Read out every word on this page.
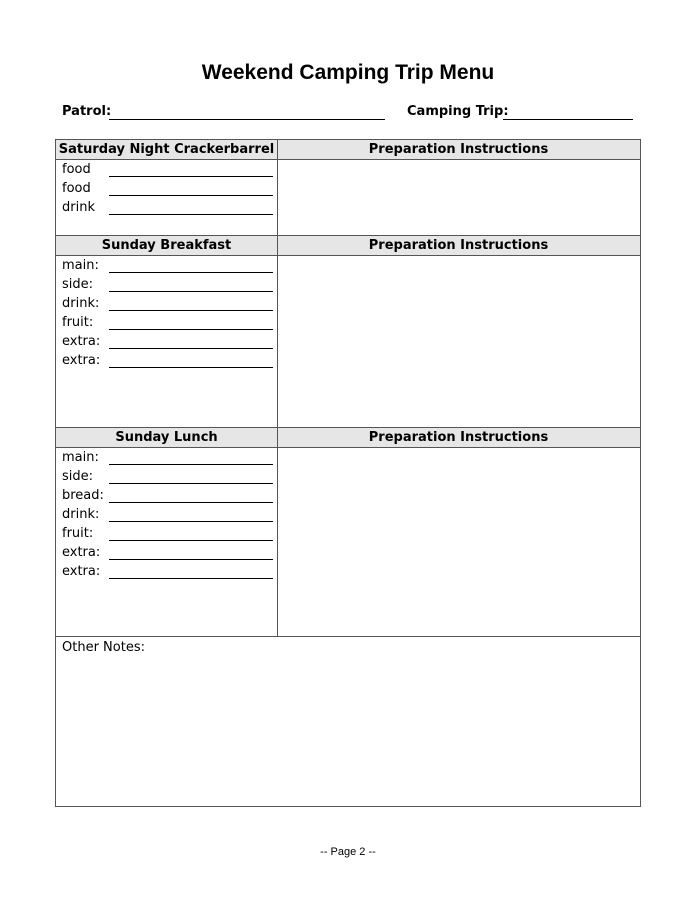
Weekend Camping Trip Menu
Patrol:	Camping Trip:
Saturday Night Crackerbarrel	Preparation Instructions
food
food
drink
Sunday Breakfast	Preparation Instructions
main:
side:
drink:
fruit:
extra:
extra:
Sunday Lunch	Preparation Instructions
main:
side:
bread:
drink:
fruit:
extra:
extra:
Other Notes:
-- Page 2 --
